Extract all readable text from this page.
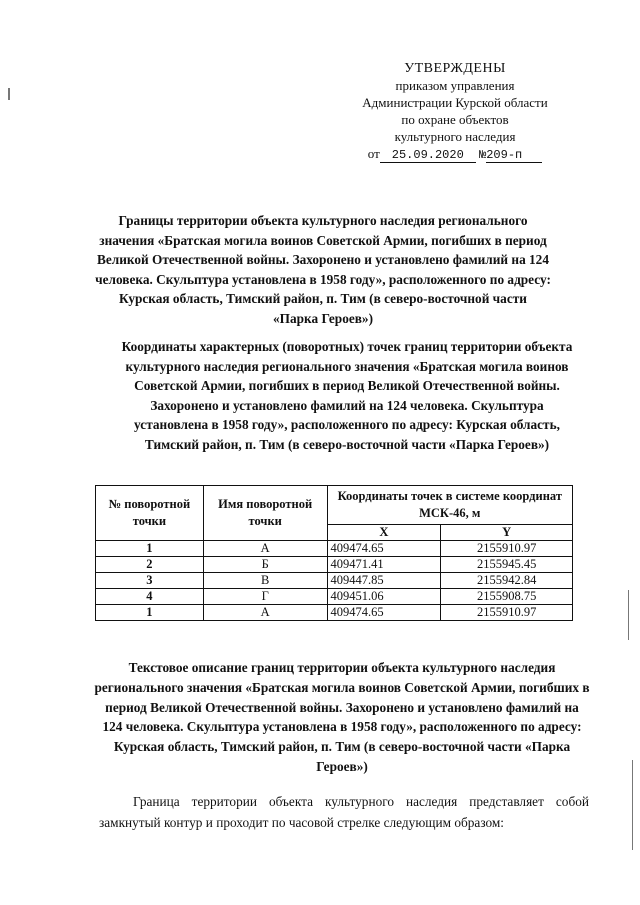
УТВЕРЖДЕНЫ
приказом управления
Администрации Курской области
по охране объектов
культурного наследия
от 25.09.2020 №209-п
Границы территории объекта культурного наследия регионального значения «Братская могила воинов Советской Армии, погибших в период Великой Отечественной войны. Захоронено и установлено фамилий на 124 человека. Скульптура установлена в 1958 году», расположенного по адресу: Курская область, Тимский район, п. Тим (в северо-восточной части «Парка Героев»)
Координаты характерных (поворотных) точек границ территории объекта культурного наследия регионального значения «Братская могила воинов Советской Армии, погибших в период Великой Отечественной войны. Захоронено и установлено фамилий на 124 человека. Скульптура установлена в 1958 году», расположенного по адресу: Курская область, Тимский район, п. Тим (в северо-восточной части «Парка Героев»)
№ поворотной точки	Имя поворотной точки	Координаты точек в системе координат МСК-46, м	
		X	Y
1	А	409474.65	2155910.97
2	Б	409471.41	2155945.45
3	В	409447.85	2155942.84
4	Г	409451.06	2155908.75
1	А	409474.65	2155910.97
Текстовое описание границ территории объекта культурного наследия регионального значения «Братская могила воинов Советской Армии, погибших в период Великой Отечественной войны. Захоронено и установлено фамилий на 124 человека. Скульптура установлена в 1958 году», расположенного по адресу: Курская область, Тимский район, п. Тим (в северо-восточной части «Парка Героев»)
Граница территории объекта культурного наследия представляет собой замкнутый контур и проходит по часовой стрелке следующим образом:
